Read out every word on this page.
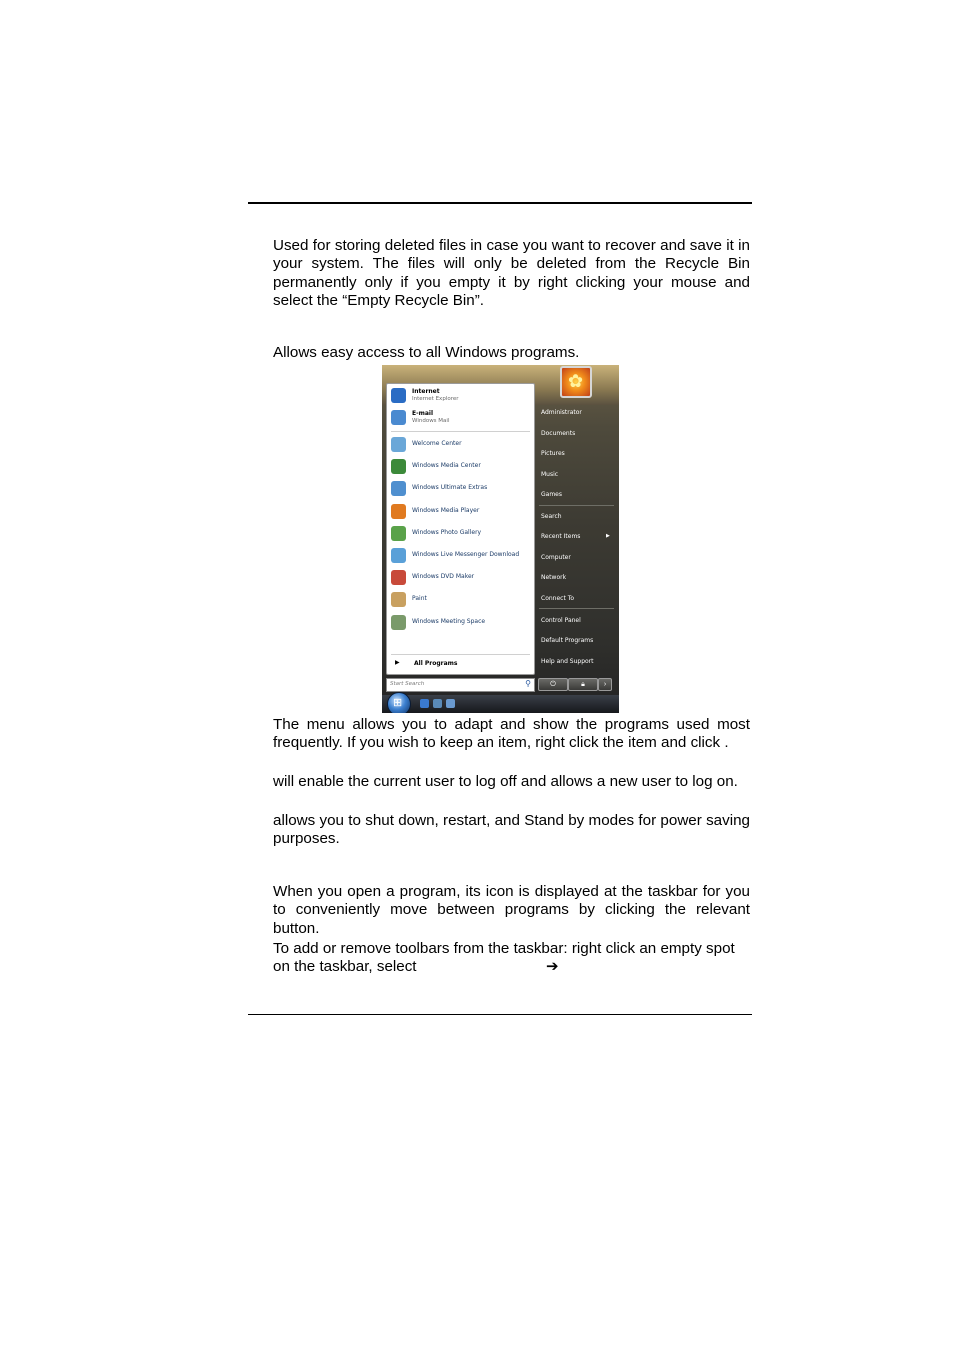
Used for storing deleted files in case you want to recover and save it in your system. The files will only be deleted from the Recycle Bin permanently only if you empty it by right clicking your mouse and select the “Empty Recycle Bin”.

Allows easy access to all Windows programs.

✿
▶ All Programs
Internet
Internet Explorer
E-mail
Windows Mail
Welcome Center
Windows Media Center
Windows Ultimate Extras
Windows Media Player
Windows Photo Gallery
Windows Live Messenger Download
Windows DVD Maker
Paint
Windows Meeting Space
Start Search	⚲	⏻	🔒︎	›
⊞
Administrator
Documents
Pictures
Music
Games
Search
Recent Items	▶
Computer
Network
Connect To
Control Panel
Default Programs
Help and Support

The menu allows you to adapt and show the programs used most frequently. If you wish to keep an item, right click the item and click .

will enable the current user to log off and allows a new user to log on.

allows you to shut down, restart, and Stand by modes for power saving purposes.

When you open a program, its icon is displayed at the taskbar for you to conveniently move between programs by clicking the relevant button.

To add or remove toolbars from the taskbar: right click an empty spot on the taskbar, select	➔
